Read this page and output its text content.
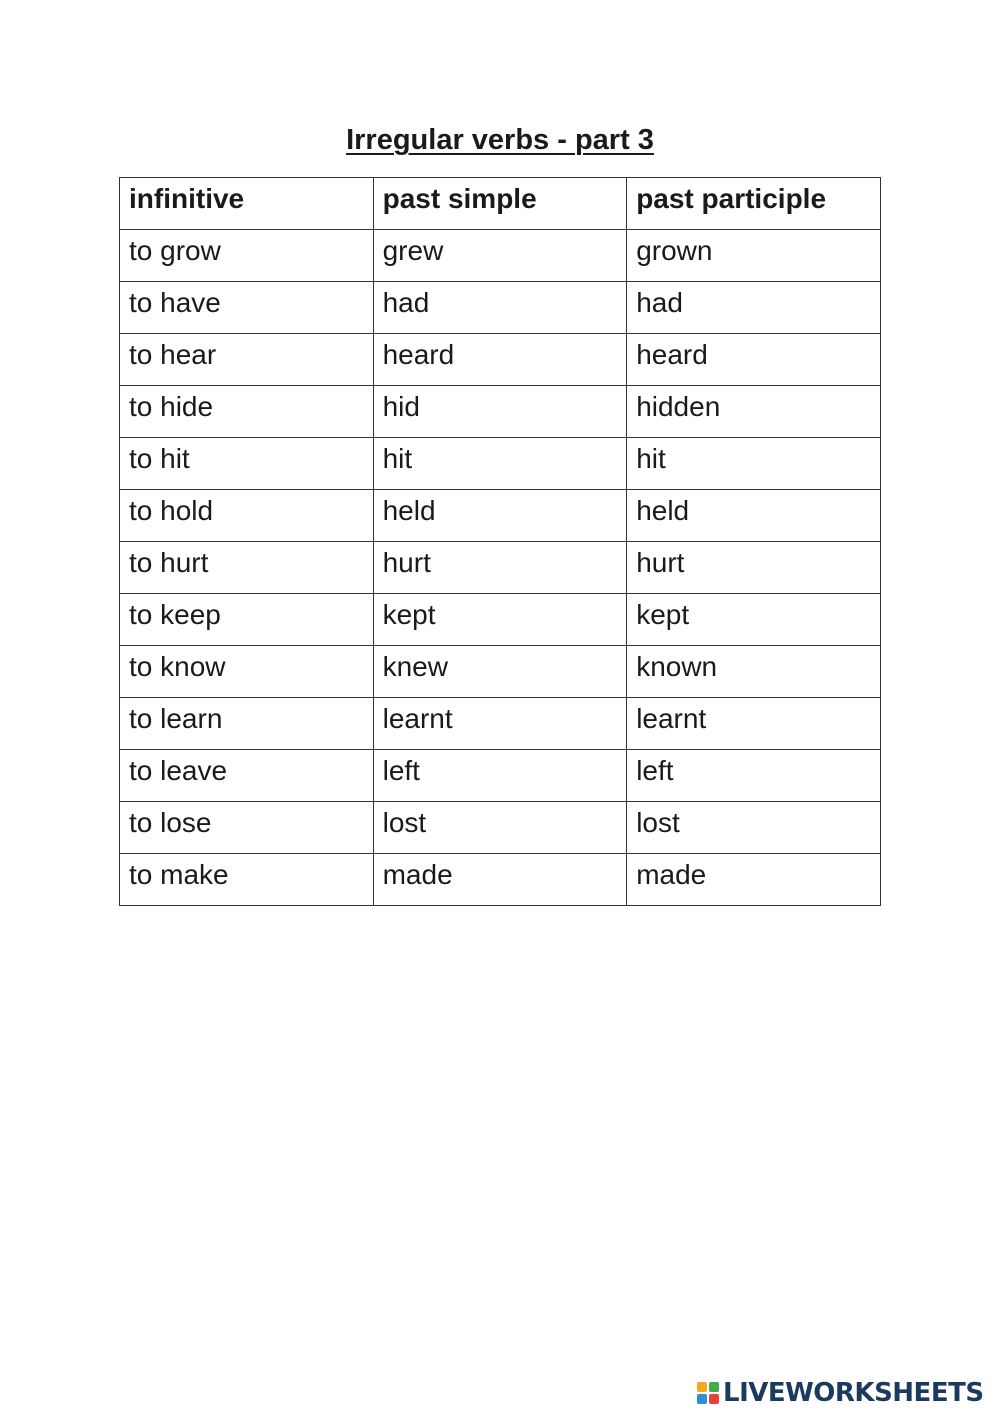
Irregular verbs - part 3
infinitive	past simple	past participle
to grow	grew	grown
to have	had	had
to hear	heard	heard
to hide	hid	hidden
to hit	hit	hit
to hold	held	held
to hurt	hurt	hurt
to keep	kept	kept
to know	knew	known
to learn	learnt	learnt
to leave	left	left
to lose	lost	lost
to make	made	made
LIVEWORKSHEETS
